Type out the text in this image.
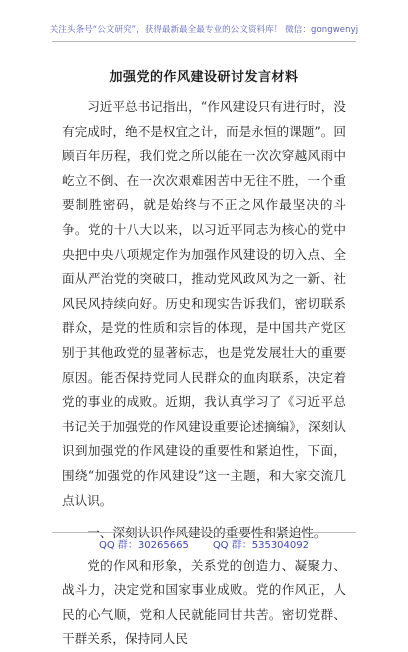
关注头条号“公文研究”，获得最新最全最专业的公文资料库！ 微信：gongwenyj
加强党的作风建设研讨发言材料

习近平总书记指出，“作风建设只有进行时，没有完成时，绝不是权宜之计，而是永恒的课题”。回顾百年历程，我们党之所以能在一次次穿越风雨中屹立不倒、在一次次艰难困苦中无往不胜，一个重要制胜密码，就是始终与不正之风作最坚决的斗争。党的十八大以来，以习近平同志为核心的党中央把中央八项规定作为加强作风建设的切入点、全面从严治党的突破口，推动党风政风为之一新、社风民风持续向好。历史和现实告诉我们，密切联系群众，是党的性质和宗旨的体现，是中国共产党区别于其他政党的显著标志，也是党发展壮大的重要原因。能否保持党同人民群众的血肉联系，决定着党的事业的成败。近期，我认真学习了《习近平总书记关于加强党的作风建设重要论述摘编》，深刻认识到加强党的作风建设的重要性和紧迫性，下面，围绕“加强党的作风建设”这一主题，和大家交流几点认识。

一、深刻认识作风建设的重要性和紧迫性。

党的作风和形象，关系党的创造力、凝聚力、战斗力，决定党和国家事业成败。党的作风正，人民的心气顺，党和人民就能同甘共苦。密切党群、干群关系，保持同人民

QQ 群：30265665 QQ 群：535304092
